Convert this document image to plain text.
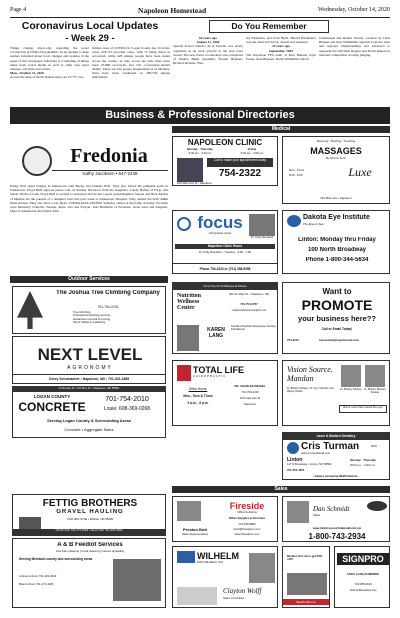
Page 4	Napoleon Homestead	Wednesday, October 14, 2020
Coronavirus Local Updates
- Week 29 -
Things change day-to-day regarding the novel coronavirus (COVID-19) pandemic. In an attempt to keep readers informed about local changes and updates in the pages of this newspaper following is a sampling of things taken from social media as well as other area news releases, activities and events.
Mon., October 12, 2020
Across the state of North Dakota there are 27,737 con-
firmed cases of COVID-19. Logan County has 19 active cases with 93 recorded cases, with 72 being listed as recovered, while 426 unique people have been tested across the county. To date across the state there have been 23,866 recoveries and 341 coronavirus-related deaths. There are 222 people hospitalized as of Monday. Tests have been conducted on 280,559 unique individuals.
Do You Remember
60 years ago
August 11, 1960
Special School District 42 at Streeter was newly organized as all rural schools in the area were closed. The new board of education was comprised of Wesley Bush, president; Everett Brunner, Richard Dockter, Wes-
ley Eisenbeis, and Irvin Buck. Harold Bachmeier was the clerk and Ted A. Jewell was treasurer.
35 years ago
September, 1985
The Napoleon FFA team of Kurt Hansen, Kyle Foster, Alan Brenner, Darin Wilhelmm, David
Christensen and Dennis Sorens, coached by Chris Hansen and Ron Wilhelmm captured both the state and regional championships and advanced to represent the Old West Region and North Dakota in national competition of range judging.
Business & Professional Directories
Medical
Fredonia
Kathy Jacobsen • 647-2438
Kathy Wolf spent Sunday in Jamestown with Becky and Claudia Wolf. They also toured the pumpkin patch in Jamestown. Floyd Buff enjoyed phone calls on Sunday afternoon from his daughters, Candy Haffey of Fargo and Sandy Worth of Lehr. Floyd Buff is excited to announce that he has a great granddaughter! Serena and Nick Andres of Medina are the parents of a daughter born this past week at Jamestown Hospital. They named the baby Rikki Della Andres. They also have a son, Ryan. CONGRATULATIONS! Saturday callers at the home of Kathy Jacobsen were Kimberly Schlecht, Weston, Anna, Ava and Sawyer, Kari Buchholz of Fredonia, Jason Lunt and daughter, Mari of Jamestown and friend, Rick
Outdoor Services
The Joshua Tree Climbing Company
701-754-2231
Tree Climbing
Professional climbing services
Hazardous removal & pruning
Wood milling & reclaiming
NEXT LEVEL
AGRONOMY
Corey Schumacher • Napoleon, ND • 701-321-1689
2718 Hwy 34 • PO Box 27 • Napoleon, ND 58561
LOGAN COUNTY
CONCRETE
701-754-2010
Louie: 608-369-0268
Serving Logan County & Surrounding Areas
Concrete • Aggregate Sales
FETTIG BROTHERS
GRAVEL HAULING
3792 48th St SE • Wishek, ND 58495
Chuck Cell: 701-471-1663 • Steve Cell: 701-425-2664
A & B Feedlot Services
Cow barn cleaning | corral cleaning | manure spreading
Serving McIntosh county and surrounding areas
Andrew Anhorn 701-426-2443
Brian Anhorn 701-471-4325
NAPOLEON CLINIC
Monday - Thursday
9:30 am - 4:30 pm
Friday
9:30 am - 3:00 pm
Call to make your appointment today
754-2322
420 Main Ave W • Napoleon
Relaxing • Healing • Soothing
MASSAGES
By Kiarra Luxe
Mon - Thurs
8:30 - 6:00	Luxe
221 Main Ave • Napoleon
focus
chiropractic center
Dr. Kelly Remilard
Napoleon Clinic Hours
Dr. Kelly Remilard – Tuesday · 9:00 - 1:00
Phone 754-2323 or (701) 258-6058
Dakota Eye Institute
The Eyes to See
Linton: Monday thru Friday
100 North Broadway
Phone 1-800-344-5634
Live Free From Disease & Illness
Nutrition
Wellness
Center
502 W. Main St. • Napoleon, ND
701-754-2767
nutritionwellnesscenter@nd.com
KAREN LANG
Certified Nutrition Response Testing Practitioner
Want to
PROMOTE
your business here??
Call or Email Today!
754-2212	homestead@napoleonnd.com
TOTAL LIFE
CHIROPRACTIC
Office Hours:
Mon., Tues & Thurs
9 a.m. - 6 p.m.
DR. CHARLES WEIGEL
701-754-2343
123 Lake Ave W
Napoleon
Vision Source.
Mandan
Dr. Brittany Schauer, Dr. Terry Schmidt, & Dr. Wayne Hoeffel
Dr. Brittany Schauer	Dr. Brittany (Becker) Schauer
We're more than meets the eye!
Laser & Modern Dentistry
Cris Turman	DDS
www.turmandental.com
Linton
117 S Broadway • Linton, ND 58552
701-254-4521
Monday - Thursday
8:00 a.m. - 4:30 p.m.
• Always Accepting NEW Patients •
Sales
Preston Bott
Sales Representative
Fireside
Office Solutions
Office Supplies & Furniture
701.258.8586
pbott@firesidens.com
www.firesidens.com
Dan Schmidt
Sales
www.dickinsonnorthdakotaford.com
1-800-743-2934
WILHELM
DON WILHELM, INC.
Clayton Wolff
Sales Consultant
Mention this ad to get 20% off!!!
SignProND.com
SIGNPRO
CAROL (LANG) SLINDBERG
701/255-0160
1011 E Broadway Ave
